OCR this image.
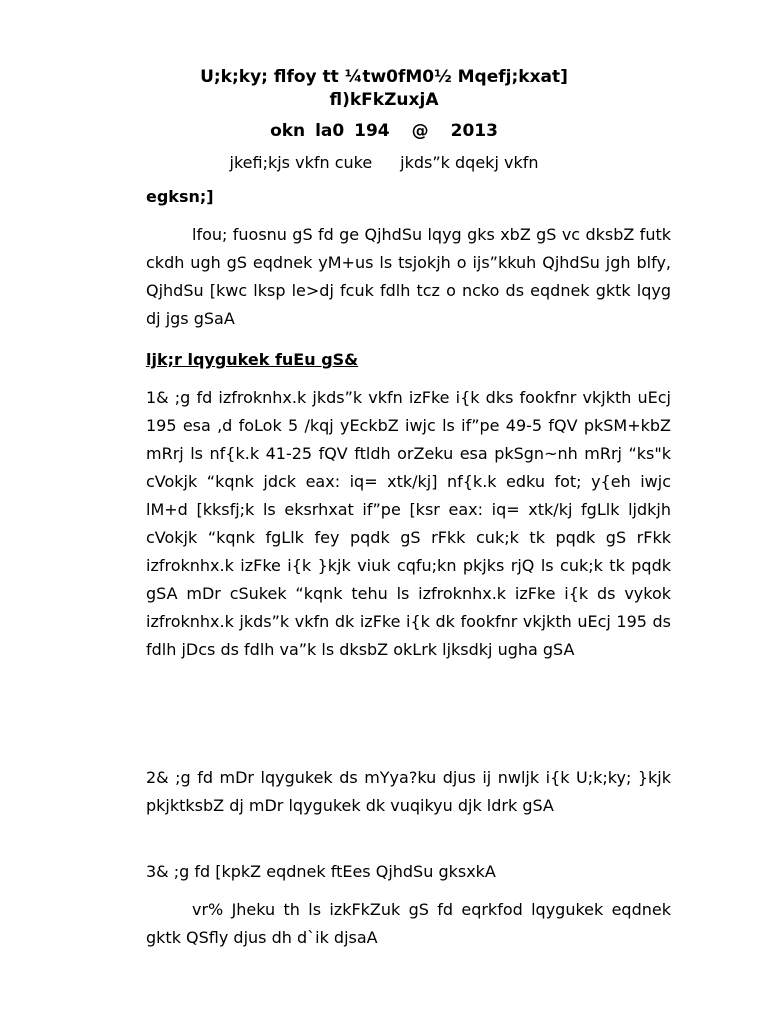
U;k;ky; flfoy tt ¼tw0fM0½ Mqefj;kxat]
fl)kFkZuxjA
okn la0 194 @ 2013
jkefi;kjs vkfn cuke jkds”k dqekj vkfn
egksn;]
lfou; fuosnu gS fd ge QjhdSu lqyg gks xbZ gS vc dksbZ futk ckdh ugh gS eqdnek yM+us ls tsjokjh o ijs”kkuh QjhdSu jgh blfy, QjhdSu [kwc lksp le>dj fcuk fdlh tcz o ncko ds eqdnek gktk lqyg dj jgs gSaA
ljk;r lqygukek fuEu gS&
1& ;g fd izfroknhx.k jkds”k vkfn izFke i{k dks fookfnr vkjkth uEcj 195 esa ,d foLok 5 /kqj yEckbZ iwjc ls if”pe 49-5 fQV pkSM+kbZ mRrj ls nf{k.k 41-25 fQV ftldh orZeku esa pkSgn~nh mRrj “ks"k cVokjk “kqnk jdck eax: iq= xtk/kj] nf{k.k edku fot; y{eh iwjc lM+d [kksfj;k ls eksrhxat if”pe [ksr eax: iq= xtk/kj fgLlk ljdkjh cVokjk “kqnk fgLlk fey pqdk gS rFkk cuk;k tk pqdk gS rFkk izfroknhx.k izFke i{k }kjk viuk cqfu;kn pkjks rjQ ls cuk;k tk pqdk gSA mDr cSukek “kqnk tehu ls izfroknhx.k izFke i{k ds vykok izfroknhx.k jkds”k vkfn dk izFke i{k dk fookfnr vkjkth uEcj 195 ds fdlh jDcs ds fdlh va”k ls dksbZ okLrk ljksdkj ugha gSA
2& ;g fd mDr lqygukek ds mYya?ku djus ij nwljk i{k U;k;ky; }kjk pkjktksbZ dj mDr lqygukek dk vuqikyu djk ldrk gSA
3& ;g fd [kpkZ eqdnek ftEes QjhdSu gksxkA
vr% Jheku th ls izkFkZuk gS fd eqrkfod lqygukek eqdnek gktk QSfly djus dh d`ik djsaA
